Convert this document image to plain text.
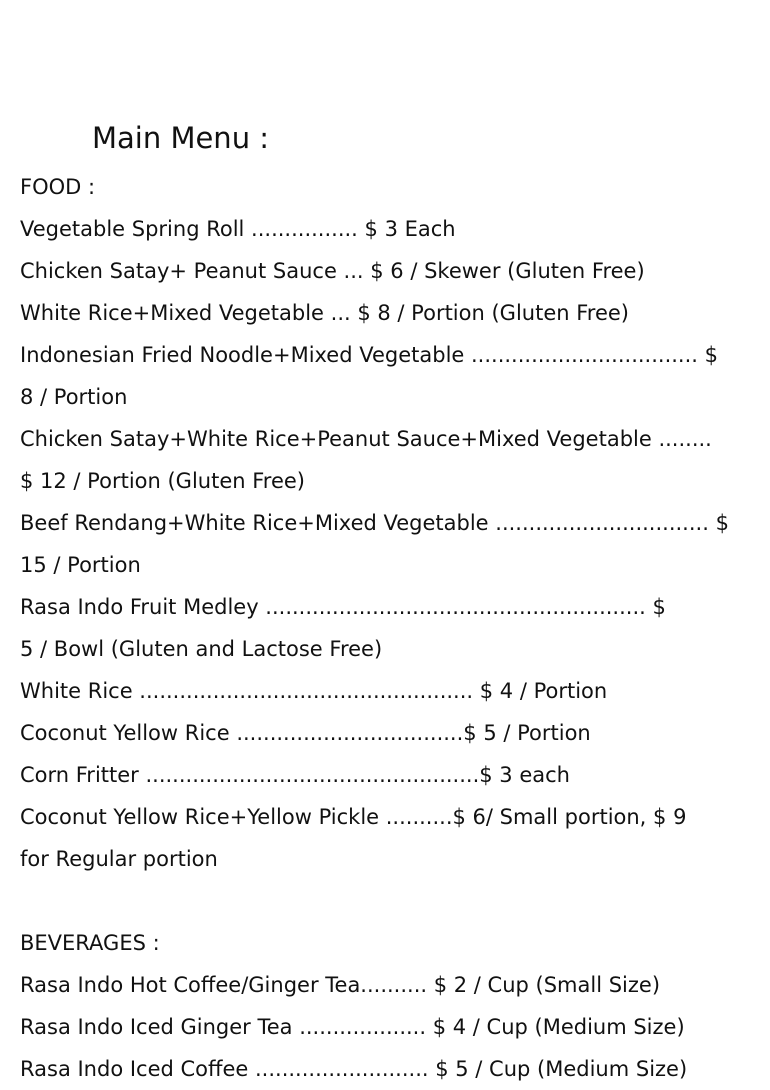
Main Menu :
FOOD :
Vegetable Spring Roll ................ $ 3 Each
Chicken Satay+ Peanut Sauce ... $ 6 / Skewer (Gluten Free)
White Rice+Mixed Vegetable ... $ 8 / Portion (Gluten Free)
Indonesian Fried Noodle+Mixed Vegetable .................................. $
8 / Portion
Chicken Satay+White Rice+Peanut Sauce+Mixed Vegetable ........
$ 12 / Portion (Gluten Free)
Beef Rendang+White Rice+Mixed Vegetable ................................ $
15 / Portion
Rasa Indo Fruit Medley ......................................................... $
5 / Bowl (Gluten and Lactose Free)
White Rice .................................................. $ 4 / Portion
Coconut Yellow Rice ..................................$ 5 / Portion
Corn Fritter ..................................................$ 3 each
Coconut Yellow Rice+Yellow Pickle ..........$ 6/ Small portion, $ 9
for Regular portion
BEVERAGES :
Rasa Indo Hot Coffee/Ginger Tea.......... $ 2 / Cup (Small Size)
Rasa Indo Iced Ginger Tea ................... $ 4 / Cup (Medium Size)
Rasa Indo Iced Coffee .......................... $ 5 / Cup (Medium Size)
